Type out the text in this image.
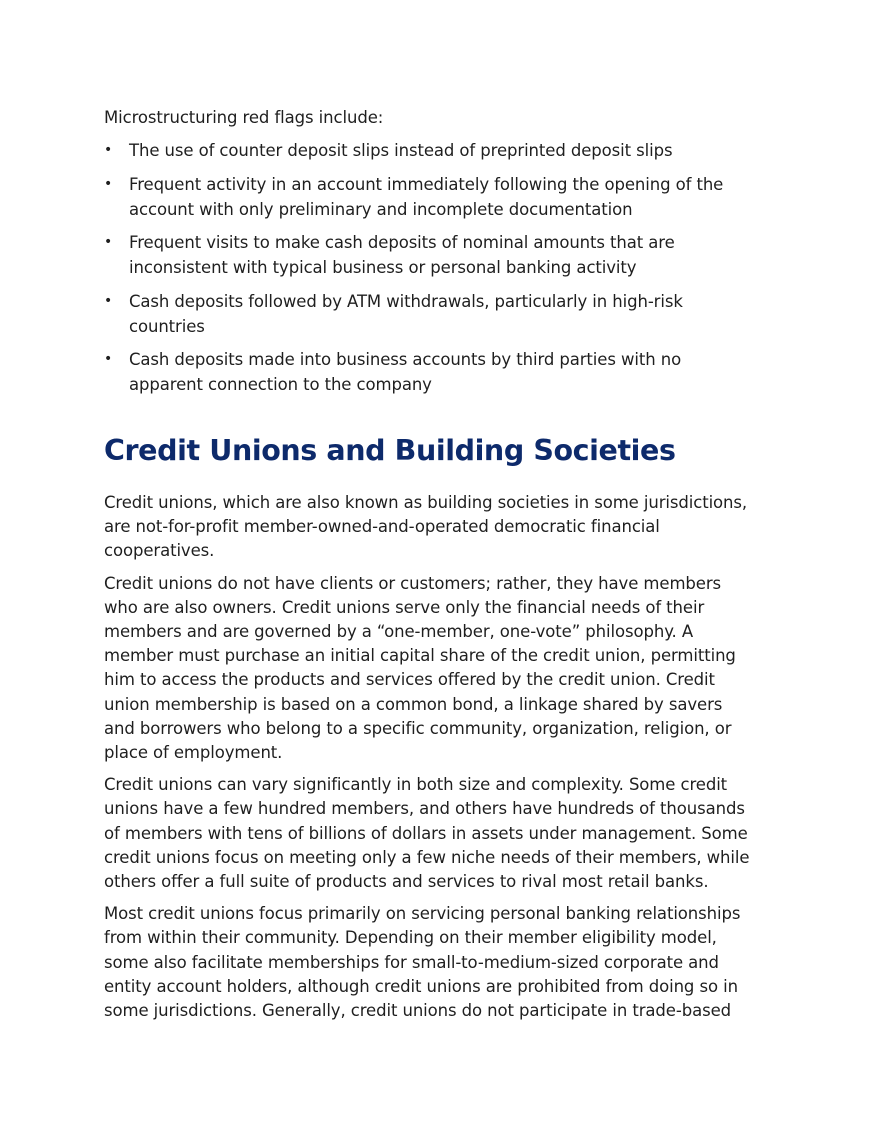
Microstructuring red flags include:

• The use of counter deposit slips instead of preprinted deposit slips
• Frequent activity in an account immediately following the opening of the account with only preliminary and incomplete documentation
• Frequent visits to make cash deposits of nominal amounts that are inconsistent with typical business or personal banking activity
• Cash deposits followed by ATM withdrawals, particularly in high-risk countries
• Cash deposits made into business accounts by third parties with no apparent connection to the company
Credit Unions and Building Societies

Credit unions, which are also known as building societies in some jurisdictions, are not-for-profit member-owned-and-operated democratic financial cooperatives.

Credit unions do not have clients or customers; rather, they have members who are also owners. Credit unions serve only the financial needs of their members and are governed by a “one-member, one-vote” philosophy. A member must purchase an initial capital share of the credit union, permitting him to access the products and services offered by the credit union. Credit union membership is based on a common bond, a linkage shared by savers and borrowers who belong to a specific community, organization, religion, or place of employment.

Credit unions can vary significantly in both size and complexity. Some credit unions have a few hundred members, and others have hundreds of thousands of members with tens of billions of dollars in assets under management. Some credit unions focus on meeting only a few niche needs of their members, while others offer a full suite of products and services to rival most retail banks.

Most credit unions focus primarily on servicing personal banking relationships from within their community. Depending on their member eligibility model, some also facilitate memberships for small-to-medium-sized corporate and entity account holders, although credit unions are prohibited from doing so in some jurisdictions. Generally, credit unions do not participate in trade-based
